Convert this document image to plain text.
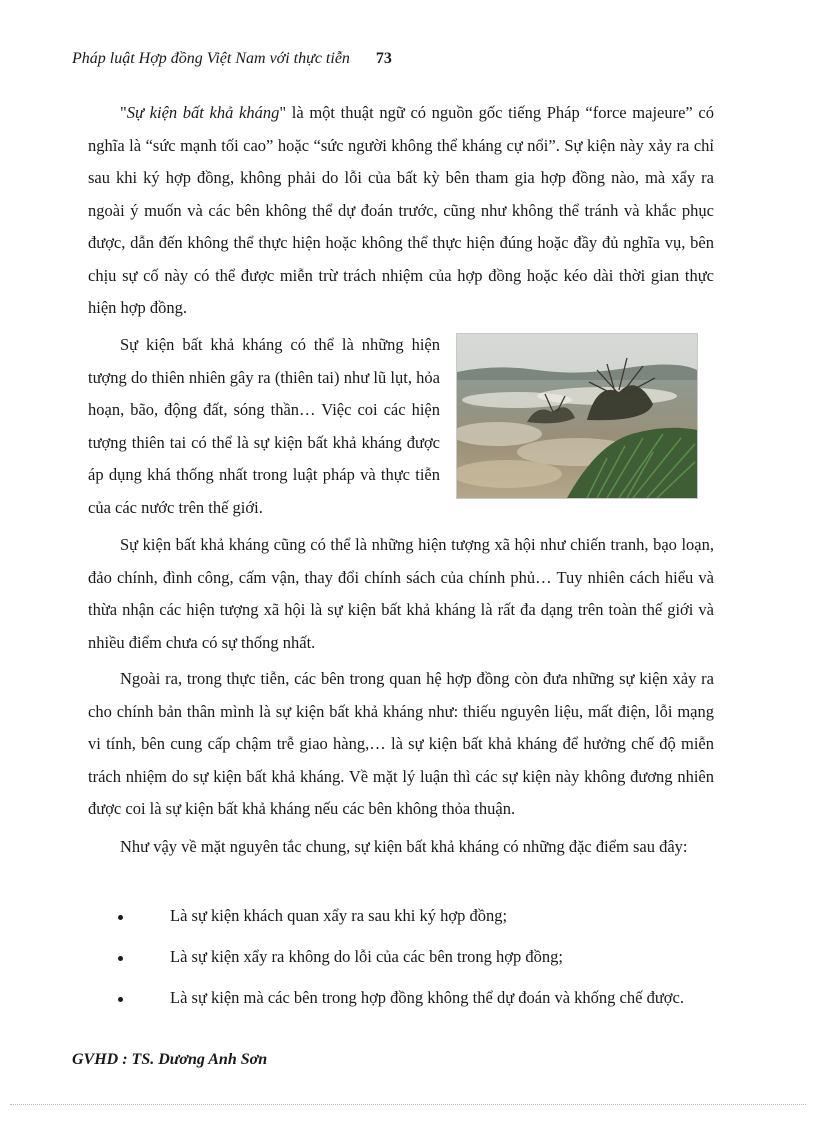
Pháp luật Hợp đồng Việt Nam với thực tiễn 73
"Sự kiện bất khả kháng" là một thuật ngữ có nguồn gốc tiếng Pháp “force majeure” có nghĩa là “sức mạnh tối cao” hoặc “sức người không thể kháng cự nổi”. Sự kiện này xảy ra chỉ sau khi ký hợp đồng, không phải do lỗi của bất kỳ bên tham gia hợp đồng nào, mà xẩy ra ngoài ý muốn và các bên không thể dự đoán trước, cũng như không thể tránh và khắc phục được, dẫn đến không thể thực hiện hoặc không thể thực hiện đúng hoặc đầy đủ nghĩa vụ, bên chịu sự cố này có thể được miễn trừ trách nhiệm của hợp đồng hoặc kéo dài thời gian thực hiện hợp đồng.
Sự kiện bất khả kháng có thể là những hiện tượng do thiên nhiên gây ra (thiên tai) như lũ lụt, hỏa hoạn, bão, động đất, sóng thần… Việc coi các hiện tượng thiên tai có thể là sự kiện bất khả kháng được áp dụng khá thống nhất trong luật pháp và thực tiễn của các nước trên thế giới.
Sự kiện bất khả kháng cũng có thể là những hiện tượng xã hội như chiến tranh, bạo loạn, đảo chính, đình công, cấm vận, thay đổi chính sách của chính phủ… Tuy nhiên cách hiểu và thừa nhận các hiện tượng xã hội là sự kiện bất khả kháng là rất đa dạng trên toàn thế giới và nhiều điểm chưa có sự thống nhất.
Ngoài ra, trong thực tiễn, các bên trong quan hệ hợp đồng còn đưa những sự kiện xảy ra cho chính bản thân mình là sự kiện bất khả kháng như: thiếu nguyên liệu, mất điện, lỗi mạng vi tính, bên cung cấp chậm trễ giao hàng,… là sự kiện bất khả kháng để hưởng chế độ miễn trách nhiệm do sự kiện bất khả kháng. Về mặt lý luận thì các sự kiện này không đương nhiên được coi là sự kiện bất khả kháng nếu các bên không thỏa thuận.
Như vậy về mặt nguyên tắc chung, sự kiện bất khả kháng có những đặc điểm sau đây:
Là sự kiện khách quan xẩy ra sau khi ký hợp đồng;
Là sự kiện xẩy ra không do lỗi của các bên trong hợp đồng;
Là sự kiện mà các bên trong hợp đồng không thể dự đoán và khống chế được.
GVHD : TS. Dương Anh Sơn
